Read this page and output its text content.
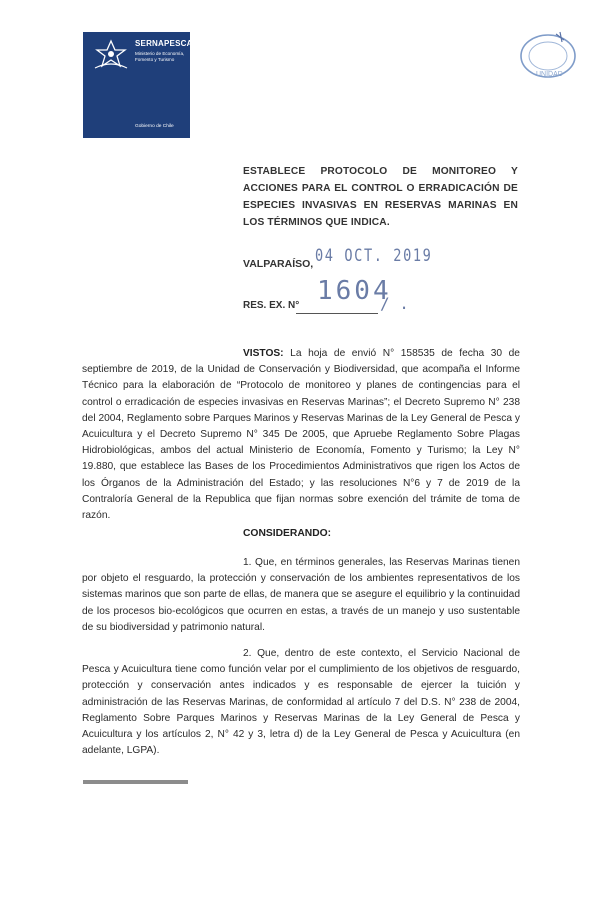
SERNAPESCA
Ministerio de Economía, Fomento y Turismo
Gobierno de Chile
UNIDAD
ESTABLECE PROTOCOLO DE MONITOREO Y ACCIONES PARA EL CONTROL O ERRADICACIÓN DE ESPECIES INVASIVAS EN RESERVAS MARINAS EN LOS TÉRMINOS QUE INDICA.
VALPARAÍSO, 04 OCT. 2019
RES. EX. N° 1604
/ .

VISTOS: La hoja de envió N° 158535 de fecha 30 de septiembre de 2019, de la Unidad de Conservación y Biodiversidad, que acompaña el Informe Técnico para la elaboración de “Protocolo de monitoreo y planes de contingencias para el control o erradicación de especies invasivas en Reservas Marinas”; el Decreto Supremo N° 238 del 2004, Reglamento sobre Parques Marinos y Reservas Marinas de la Ley General de Pesca y Acuicultura y el Decreto Supremo N° 345 De 2005, que Apruebe Reglamento Sobre Plagas Hidrobiológicas, ambos del actual Ministerio de Economía, Fomento y Turismo; la Ley N° 19.880, que establece las Bases de los Procedimientos Administrativos que rigen los Actos de los Órganos de la Administración del Estado; y las resoluciones N°6 y 7 de 2019 de la Contraloría General de la Republica que fijan normas sobre exención del trámite de toma de razón.

CONSIDERANDO:

1. Que, en términos generales, las Reservas Marinas tienen por objeto el resguardo, la protección y conservación de los ambientes representativos de los sistemas marinos que son parte de ellas, de manera que se asegure el equilibrio y la continuidad de los procesos bio-ecológicos que ocurren en estas, a través de un manejo y uso sustentable de su biodiversidad y patrimonio natural.

2. Que, dentro de este contexto, el Servicio Nacional de Pesca y Acuicultura tiene como función velar por el cumplimiento de los objetivos de resguardo, protección y conservación antes indicados y es responsable de ejercer la tuición y administración de las Reservas Marinas, de conformidad al artículo 7 del D.S. N° 238 de 2004, Reglamento Sobre Parques Marinos y Reservas Marinas de la Ley General de Pesca y Acuicultura y los artículos 2, N° 42 y 3, letra d) de la Ley General de Pesca y Acuicultura (en adelante, LGPA).
